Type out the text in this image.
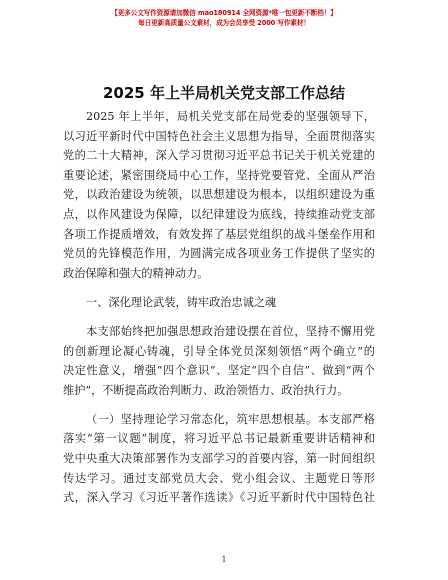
【更多公文写作资源请加微信 mao180914 全网资源*唯一包更新不断档！】
每日更新高质量公文素材，成为会员享受 2000 写作素材！
2025 年上半局机关党支部工作总结
2025 年上半年，局机关党支部在局党委的坚强领导下，
以习近平新时代中国特色社会主义思想为指导，全面贯彻落实
党的二十大精神，深入学习贯彻习近平总书记关于机关党建的
重要论述，紧密围绕局中心工作，坚持党要管党、全面从严治
党，以政治建设为统领，以思想建设为根本，以组织建设为重
点，以作风建设为保障，以纪律建设为底线，持续推动党支部
各项工作提质增效，有效发挥了基层党组织的战斗堡垒作用和
党员的先锋模范作用，为圆满完成各项业务工作提供了坚实的
政治保障和强大的精神动力。
一、深化理论武装，铸牢政治忠诚之魂
本支部始终把加强思想政治建设摆在首位，坚持不懈用党
的创新理论凝心铸魂，引导全体党员深刻领悟“两个确立”的
决定性意义，增强“四个意识”、坚定“四个自信”、做到“两个
维护”，不断提高政治判断力、政治领悟力、政治执行力。
（一）坚持理论学习常态化，筑牢思想根基。本支部严格
落实“第一议题”制度，将习近平总书记最新重要讲话精神和
党中央重大决策部署作为支部学习的首要内容，第一时间组织
传达学习。通过支部党员大会、党小组会议、主题党日等形
式，深入学习《习近平著作选读》《习近平新时代中国特色社
1
